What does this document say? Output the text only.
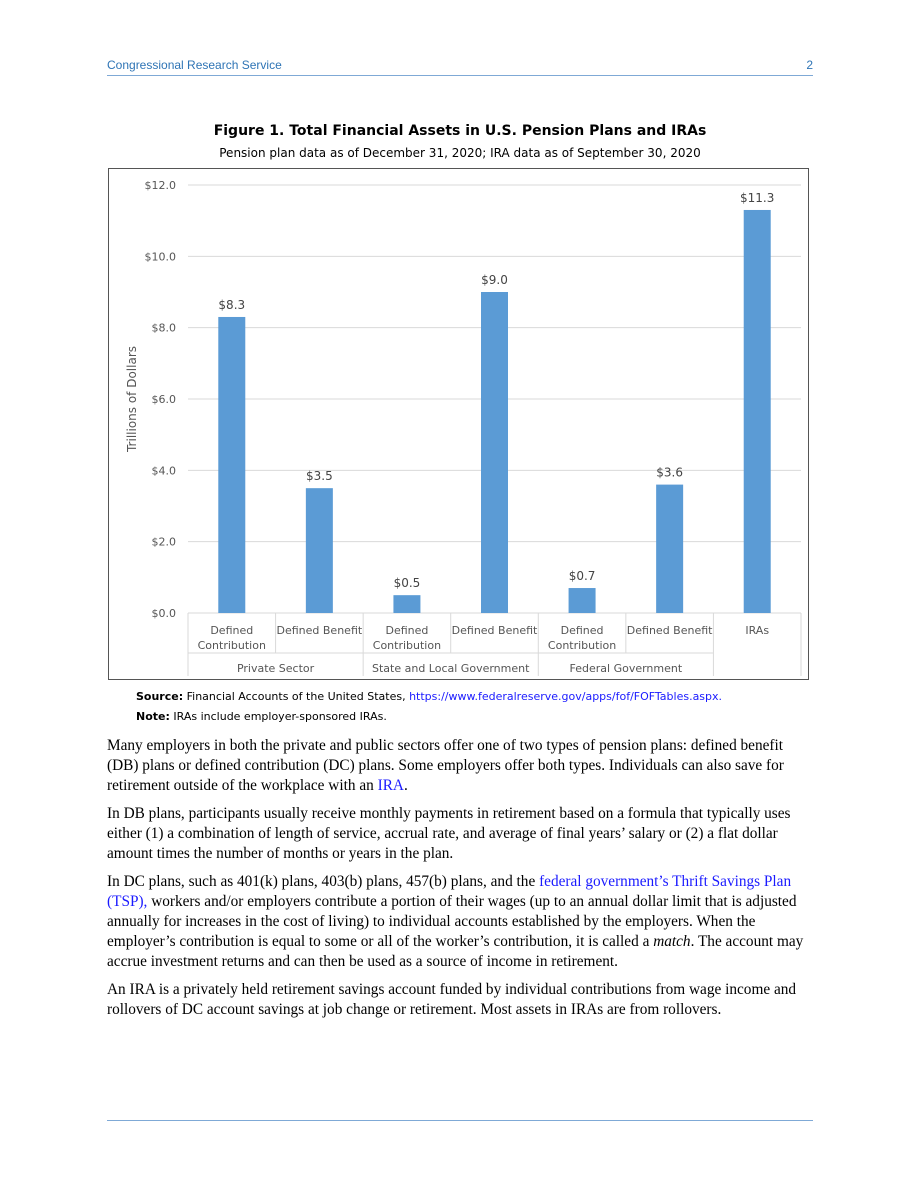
Congressional Research Service	2
Figure 1. Total Financial Assets in U.S. Pension Plans and IRAs
Pension plan data as of December 31, 2020; IRA data as of September 30, 2020
$0.0
$2.0
$4.0
$6.0
$8.0
$10.0
$12.0
Trillions of Dollars
$8.3
Defined
Contribution
$3.5
Defined Benefit
$0.5
Defined
Contribution
$9.0
Defined Benefit
$0.7
Defined
Contribution
$3.6
Defined Benefit
$11.3
IRAs
Private Sector	State and Local Government	Federal Government
Source: Financial Accounts of the United States, https://www.federalreserve.gov/apps/fof/FOFTables.aspx.
Note: IRAs include employer-sponsored IRAs.

Many employers in both the private and public sectors offer one of two types of pension plans: defined benefit (DB) plans or defined contribution (DC) plans. Some employers offer both types. Individuals can also save for retirement outside of the workplace with an IRA.

In DB plans, participants usually receive monthly payments in retirement based on a formula that typically uses either (1) a combination of length of service, accrual rate, and average of final years’ salary or (2) a flat dollar amount times the number of months or years in the plan.

In DC plans, such as 401(k) plans, 403(b) plans, 457(b) plans, and the federal government’s Thrift Savings Plan (TSP), workers and/or employers contribute a portion of their wages (up to an annual dollar limit that is adjusted annually for increases in the cost of living) to individual accounts established by the employers. When the employer’s contribution is equal to some or all of the worker’s contribution, it is called a match. The account may accrue investment returns and can then be used as a source of income in retirement.

An IRA is a privately held retirement savings account funded by individual contributions from wage income and rollovers of DC account savings at job change or retirement. Most assets in IRAs are from rollovers.
